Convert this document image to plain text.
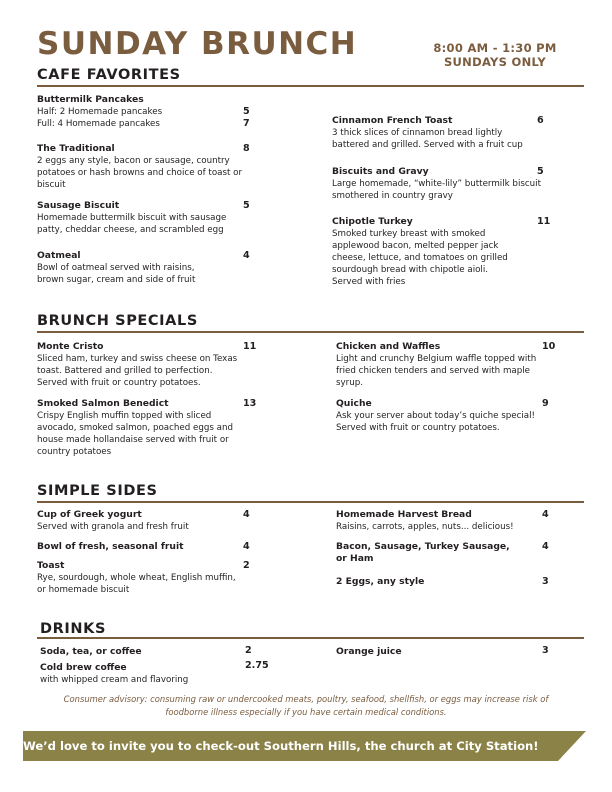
SUNDAY BRUNCH	8:00 AM - 1:30 PM
SUNDAYS ONLY
CAFE FAVORITES
Buttermilk Pancakes
Half: 2 Homemade pancakes
Full: 4 Homemade pancakes
5
7
The Traditional
2 eggs any style, bacon or sausage, country
potatoes or hash browns and choice of toast or
biscuit
8
Sausage Biscuit
Homemade buttermilk biscuit with sausage
patty, cheddar cheese, and scrambled egg
5
Oatmeal
Bowl of oatmeal served with raisins,
brown sugar, cream and side of fruit
4
Cinnamon French Toast
3 thick slices of cinnamon bread lightly
battered and grilled. Served with a fruit cup
6
Biscuits and Gravy
Large homemade, “white-lily” buttermilk biscuit
smothered in country gravy
5
Chipotle Turkey
Smoked turkey breast with smoked
applewood bacon, melted pepper jack
cheese, lettuce, and tomatoes on grilled
sourdough bread with chipotle aioli.
Served with fries
11
BRUNCH SPECIALS
Monte Cristo
Sliced ham, turkey and swiss cheese on Texas
toast. Battered and grilled to perfection.
Served with fruit or country potatoes.
11
Smoked Salmon Benedict
Crispy English muffin topped with sliced
avocado, smoked salmon, poached eggs and
house made hollandaise served with fruit or
country potatoes
13
Chicken and Waffles
Light and crunchy Belgium waffle topped with
fried chicken tenders and served with maple
syrup.
10
Quiche
Ask your server about today’s quiche special!
Served with fruit or country potatoes.
9
SIMPLE SIDES
Cup of Greek yogurt
Served with granola and fresh fruit
4
Bowl of fresh, seasonal fruit	4
Toast
Rye, sourdough, whole wheat, English muffin,
or homemade biscuit
2
Homemade Harvest Bread
Raisins, carrots, apples, nuts... delicious!
4
Bacon, Sausage, Turkey Sausage,
or Ham
4
2 Eggs, any style	3
DRINKS
Soda, tea, or coffee	2
Cold brew coffee
with whipped cream and flavoring
2.75
Orange juice	3
Consumer advisory: consuming raw or undercooked meats, poultry, seafood, shellfish, or eggs may increase risk of
foodborne illness especially if you have certain medical conditions.
We’d love to invite you to check-out Southern Hills, the church at City Station!
